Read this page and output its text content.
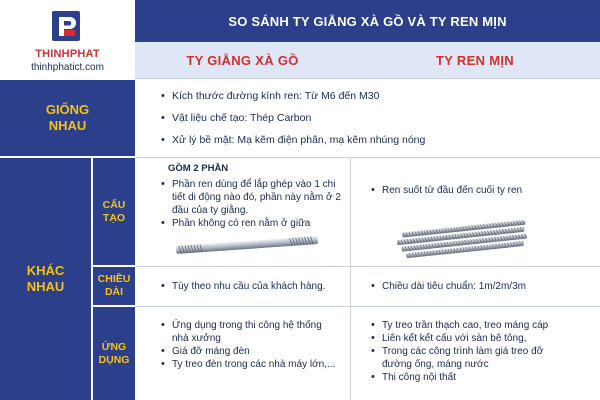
THINHPHAT
thinhphatict.com
SO SÁNH TY GIẰNG XÀ GỒ VÀ TY REN MỊN
TY GIẰNG XÀ GỒ	TY REN MỊN
GIỐNG
NHAU
KHÁC
NHAU
CẤU
TẠO
CHIỀU
DÀI
ỨNG
DỤNG
• Kích thước đường kính ren: Từ M6 đến M30
• Vật liệu chế tạo: Thép Carbon
• Xử lý bề mặt: Mạ kẽm điện phân, mạ kẽm nhúng nóng
GỒM 2 PHẦN
• Phần ren dùng để lắp ghép vào 1 chi tiết di động nào đó, phần này nằm ở 2 đầu của ty giằng.
• Phần không có ren nằm ở giữa
• Ren suốt từ đầu đến cuối ty ren
• Tùy theo nhu cầu của khách hàng.
•	Chiều dài tiêu chuẩn: 1m/2m/3m
• Ứng dụng trong thi công hệ thống nhà xưởng
• Giá đỡ máng đèn
• Ty treo đèn trong các nhà máy lớn,...
• Ty treo trần thạch cao, treo máng cáp
• Liên kết kết cấu với sàn bê tông,
• Trong các công trình làm giá treo đỡ đường ống, máng nước
• Thi công nội thất
